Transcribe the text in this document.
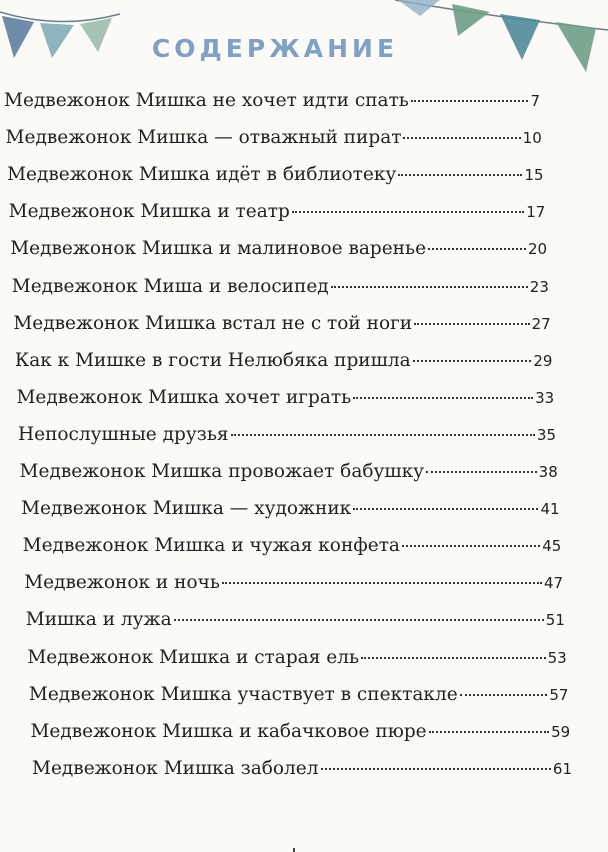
СОДЕРЖАНИЕ
Медвежонок Мишка не хочет идти спать	7
Медвежонок Мишка — отважный пират	10
Медвежонок Мишка идёт в библиотеку	15
Медвежонок Мишка и театр	17
Медвежонок Мишка и малиновое варенье	20
Медвежонок Миша и велосипед	23
Медвежонок Мишка встал не с той ноги	27
Как к Мишке в гости Нелюбяка пришла	29
Медвежонок Мишка хочет играть	33
Непослушные друзья	35
Медвежонок Мишка провожает бабушку	38
Медвежонок Мишка — художник	41
Медвежонок Мишка и чужая конфета	45
Медвежонок и ночь	47
Мишка и лужа	51
Медвежонок Мишка и старая ель	53
Медвежонок Мишка участвует в спектакле	57
Медвежонок Мишка и кабачковое пюре	59
Медвежонок Мишка заболел	61
